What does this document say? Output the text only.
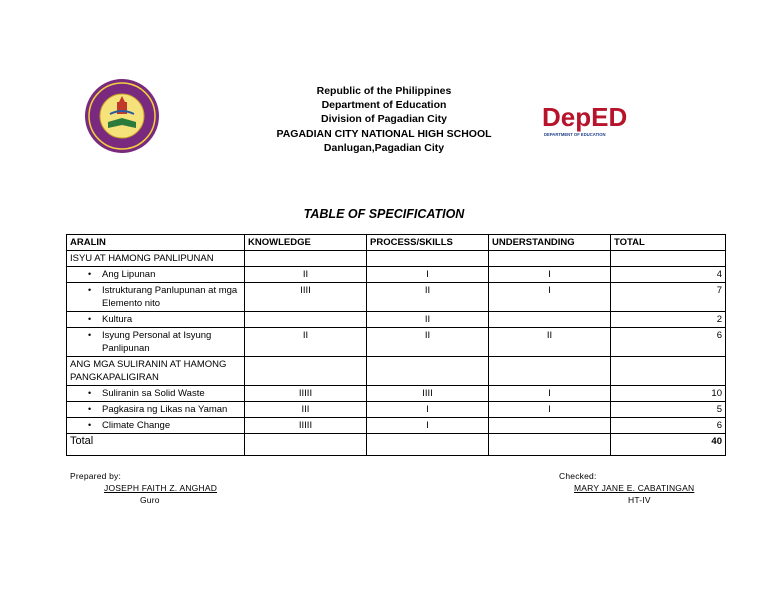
DepED
DEPARTMENT OF EDUCATION
Republic of the Philippines
Department of Education
Division of Pagadian City
PAGADIAN CITY NATIONAL HIGH SCHOOL
Danlugan,Pagadian City
TABLE OF SPECIFICATION
ARALIN	KNOWLEDGE	PROCESS/SKILLS	UNDERSTANDING	TOTAL
ISYU AT HAMONG PANLIPUNAN				

• Ang Lipunan	II	I	I	4

• Istrukturang Panlupunan at mga Elemento nito	IIII	II	I	7

• Kultura		II		2

• Isyung Personal at Isyung Panlipunan	II	II	II	6
ANG MGA SULIRANIN AT HAMONG PANGKAPALIGIRAN				

• Suliranin sa Solid Waste	IIIII	IIII	I	10

• Pagkasira ng Likas na Yaman	III	I	I	5

• Climate Change	IIIII	I		6
Total				40
Prepared by:
JOSEPH FAITH Z. ANGHAD
Guro
Checked:
MARY JANE E. CABATINGAN
HT-IV
